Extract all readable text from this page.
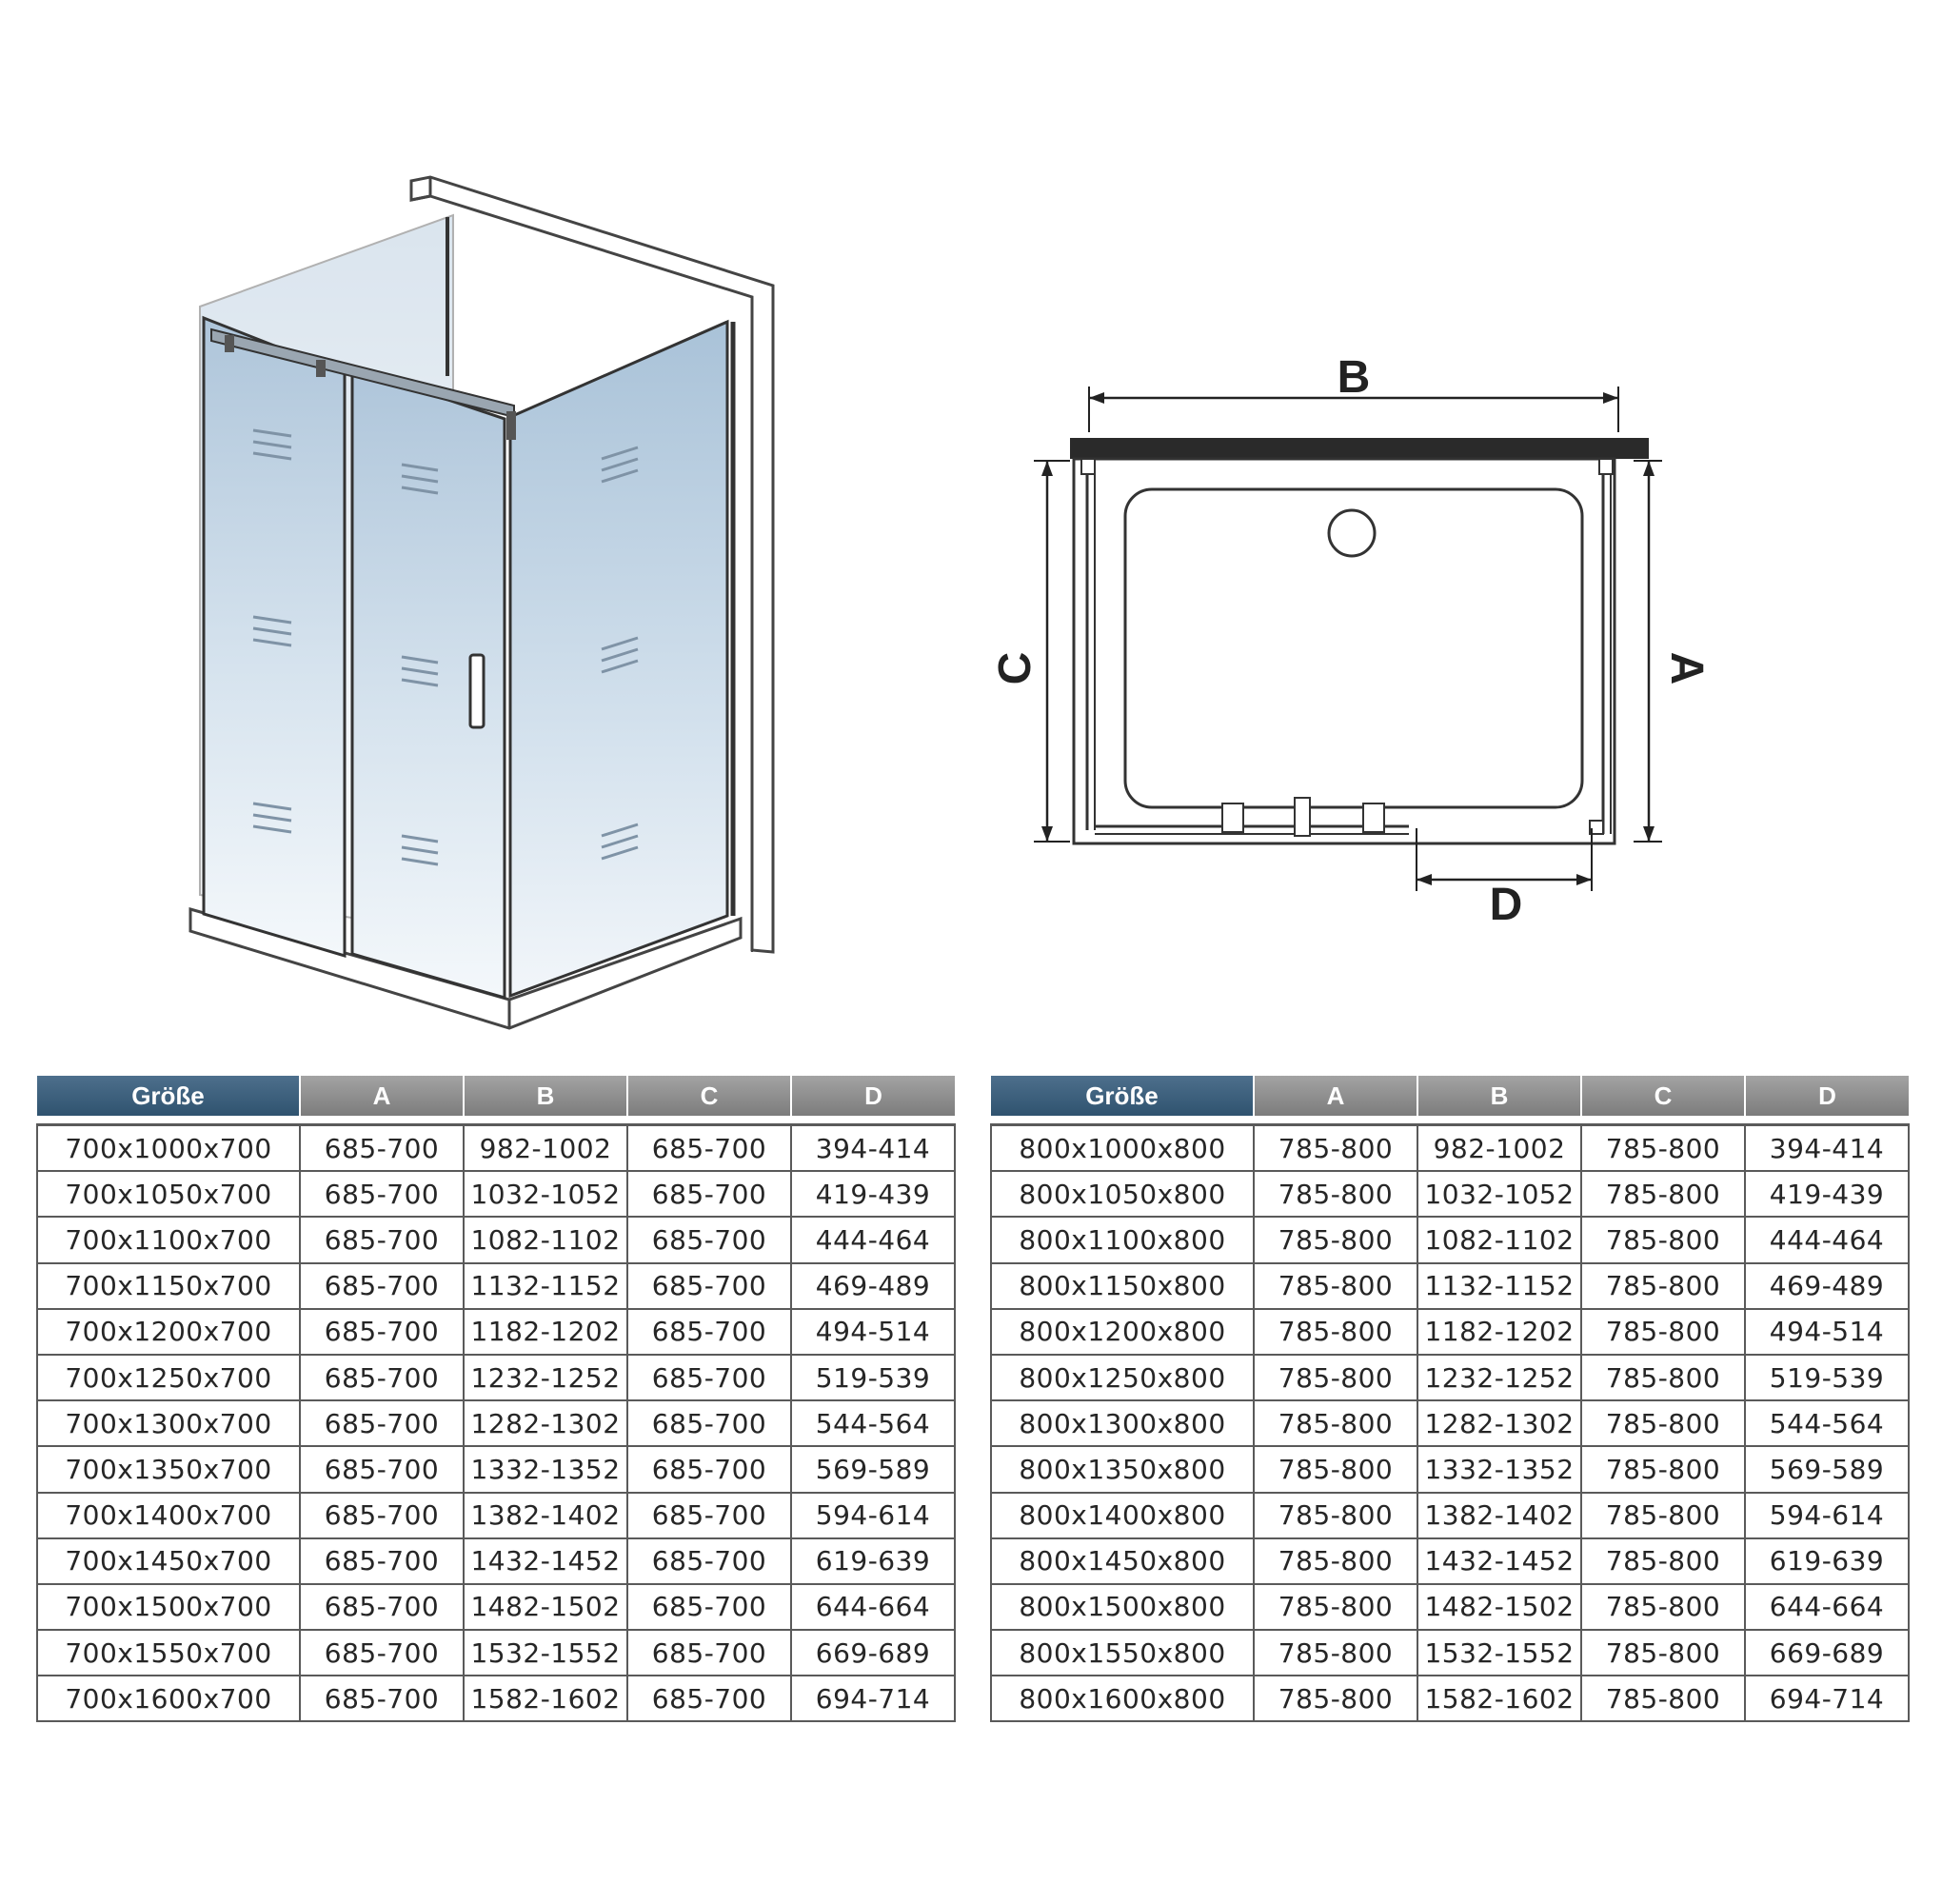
B
C	A
D
Größe	A	B	C	D

700x1000x700	685-700	982-1002	685-700	394-414
700x1050x700	685-700	1032-1052	685-700	419-439
700x1100x700	685-700	1082-1102	685-700	444-464
700x1150x700	685-700	1132-1152	685-700	469-489
700x1200x700	685-700	1182-1202	685-700	494-514
700x1250x700	685-700	1232-1252	685-700	519-539
700x1300x700	685-700	1282-1302	685-700	544-564
700x1350x700	685-700	1332-1352	685-700	569-589
700x1400x700	685-700	1382-1402	685-700	594-614
700x1450x700	685-700	1432-1452	685-700	619-639
700x1500x700	685-700	1482-1502	685-700	644-664
700x1550x700	685-700	1532-1552	685-700	669-689
700x1600x700	685-700	1582-1602	685-700	694-714
Größe	A	B	C	D

800x1000x800	785-800	982-1002	785-800	394-414
800x1050x800	785-800	1032-1052	785-800	419-439
800x1100x800	785-800	1082-1102	785-800	444-464
800x1150x800	785-800	1132-1152	785-800	469-489
800x1200x800	785-800	1182-1202	785-800	494-514
800x1250x800	785-800	1232-1252	785-800	519-539
800x1300x800	785-800	1282-1302	785-800	544-564
800x1350x800	785-800	1332-1352	785-800	569-589
800x1400x800	785-800	1382-1402	785-800	594-614
800x1450x800	785-800	1432-1452	785-800	619-639
800x1500x800	785-800	1482-1502	785-800	644-664
800x1550x800	785-800	1532-1552	785-800	669-689
800x1600x800	785-800	1582-1602	785-800	694-714
